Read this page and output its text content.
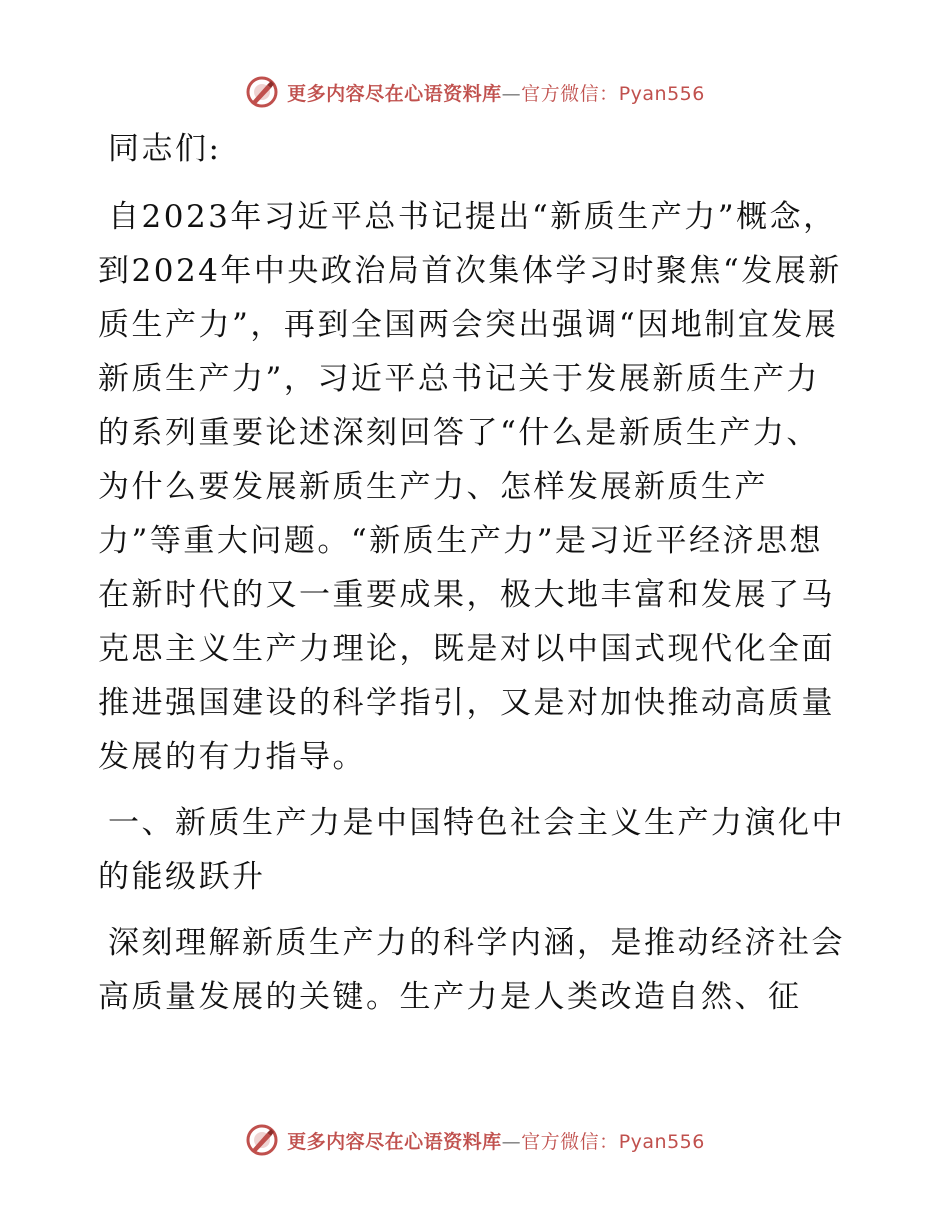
更多内容尽在心语资料库—官方微信：Pyan556

同志们:

自2023年习近平总书记提出“新质生产力”概念，到2024年中央政治局首次集体学习时聚焦“发展新质生产力”，再到全国两会突出强调“因地制宜发展新质生产力”，习近平总书记关于发展新质生产力的系列重要论述深刻回答了“什么是新质生产力、为什么要发展新质生产力、怎样发展新质生产力”等重大问题。“新质生产力”是习近平经济思想在新时代的又一重要成果，极大地丰富和发展了马克思主义生产力理论，既是对以中国式现代化全面推进强国建设的科学指引，又是对加快推动高质量发展的有力指导。

一、新质生产力是中国特色社会主义生产力演化中的能级跃升

深刻理解新质生产力的科学内涵，是推动经济社会高质量发展的关键。生产力是人类改造自然、征

更多内容尽在心语资料库—官方微信：Pyan556
